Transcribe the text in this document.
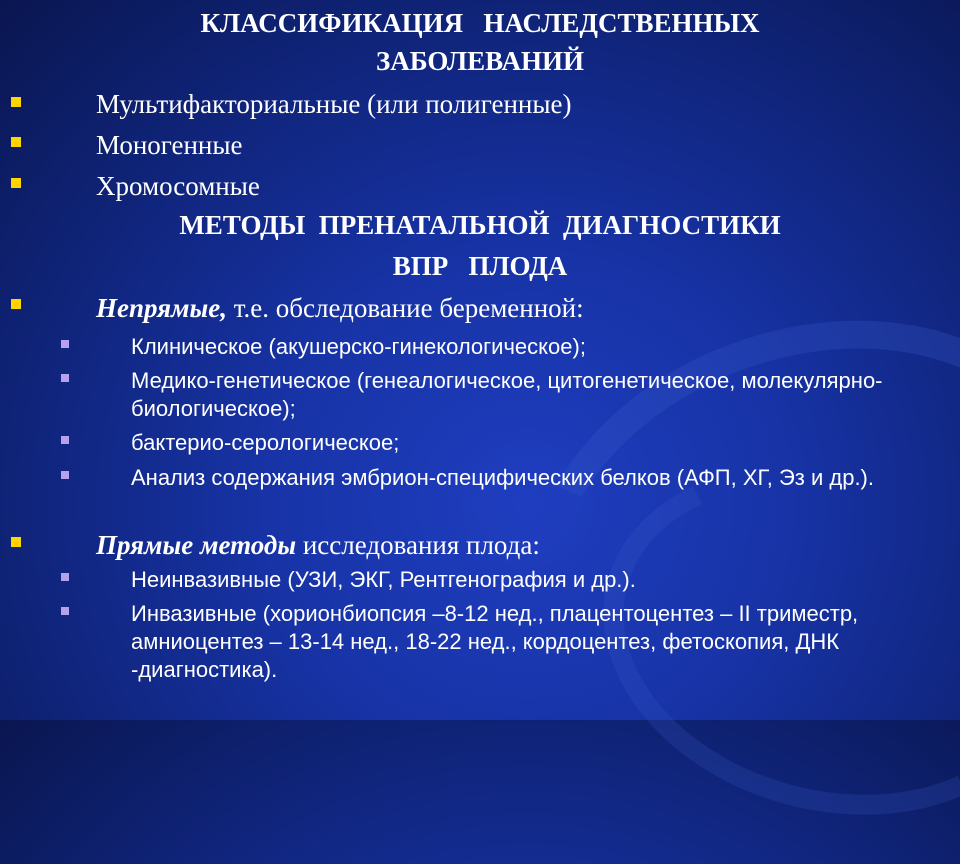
КЛАССИФИКАЦИЯ   НАСЛЕДСТВЕННЫХ
ЗАБОЛЕВАНИЙ
Мультифакториальные (или полигенные)
Моногенные
Хромосомные
МЕТОДЫ  ПРЕНАТАЛЬНОЙ  ДИАГНОСТИКИ
ВПР   ПЛОДА
Непрямые, т.е. обследование беременной:
Клиническое (акушерско-гинекологическое);
Медико-генетическое (генеалогическое, цитогенетическое, молекулярно-биологическое);
бактерио-серологическое;
Анализ содержания эмбрион-специфических белков (АФП, ХГ, Эз и др.).
Прямые методы исследования плода:
Неинвазивные (УЗИ, ЭКГ, Рентгенография и др.).
Инвазивные (хорионбиопсия –8-12 нед., плацентоцентез – II триместр, амниоцентез – 13-14 нед., 18-22 нед., кордоцентез, фетоскопия, ДНК -диагностика).
